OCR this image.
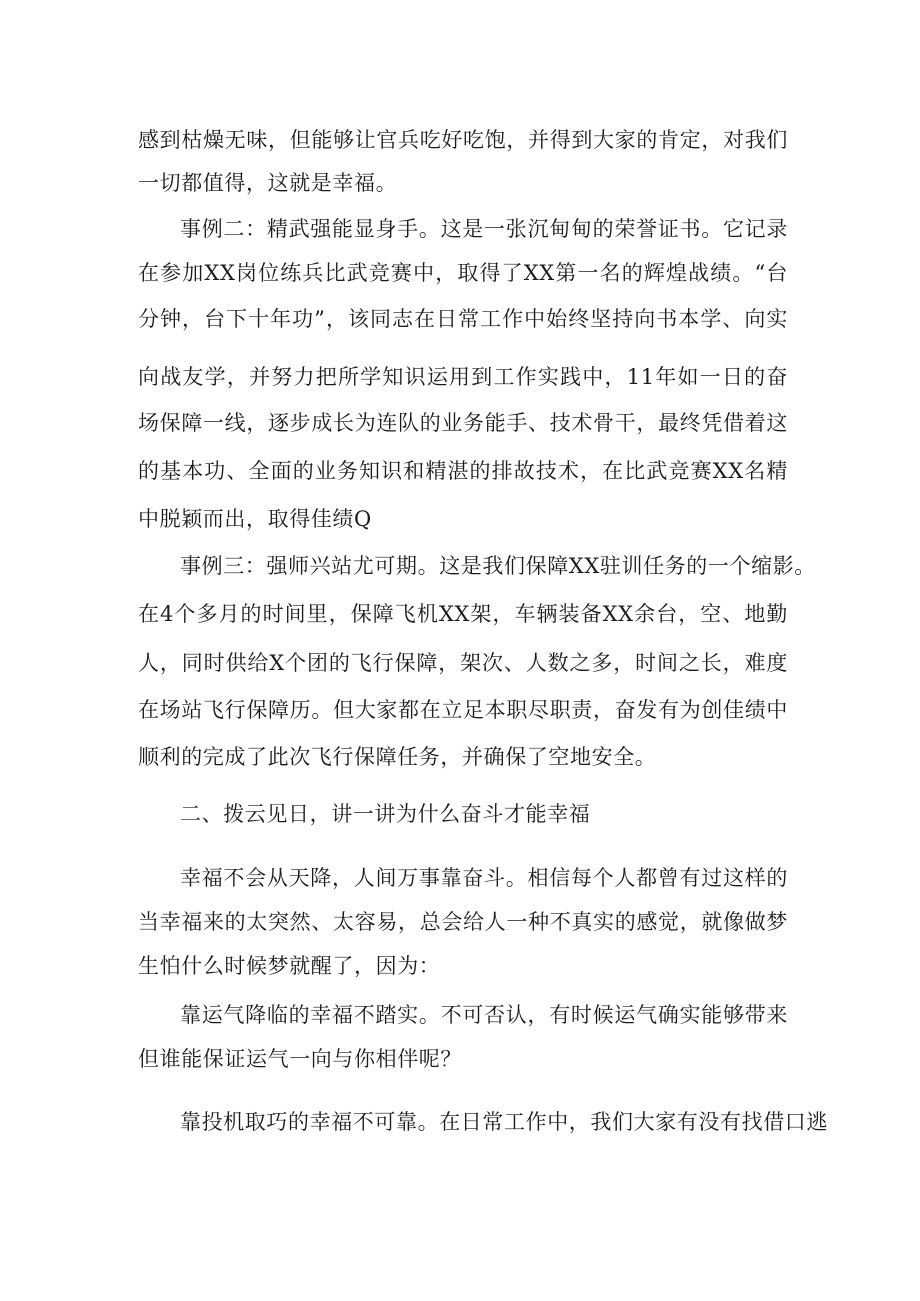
感到枯燥无味，但能够让官兵吃好吃饱，并得到大家的肯定，对我们
一切都值得，这就是幸福。
事例二：精武强能显身手。这是一张沉甸甸的荣誉证书。它记录
在参加XX岗位练兵比武竞赛中，取得了XX第一名的辉煌战绩。“台
分钟，台下十年功”，该同志在日常工作中始终坚持向书本学、向实
向战友学，并努力把所学知识运用到工作实践中，11年如一日的奋
场保障一线，逐步成长为连队的业务能手、技术骨干，最终凭借着这
的基本功、全面的业务知识和精湛的排故技术，在比武竞赛XX名精
中脱颖而出，取得佳绩Q
事例三：强师兴站尤可期。这是我们保障XX驻训任务的一个缩影。
在4个多月的时间里，保障飞机XX架，车辆装备XX余台，空、地勤
人，同时供给X个团的飞行保障，架次、人数之多，时间之长，难度
在场站飞行保障历。但大家都在立足本职尽职责，奋发有为创佳绩中
顺利的完成了此次飞行保障任务，并确保了空地安全。
二、拨云见日，讲一讲为什么奋斗才能幸福
幸福不会从天降，人间万事靠奋斗。相信每个人都曾有过这样的
当幸福来的太突然、太容易，总会给人一种不真实的感觉，就像做梦
生怕什么时候梦就醒了，因为：
靠运气降临的幸福不踏实。不可否认，有时候运气确实能够带来
但谁能保证运气一向与你相伴呢？
靠投机取巧的幸福不可靠。在日常工作中，我们大家有没有找借口逃
